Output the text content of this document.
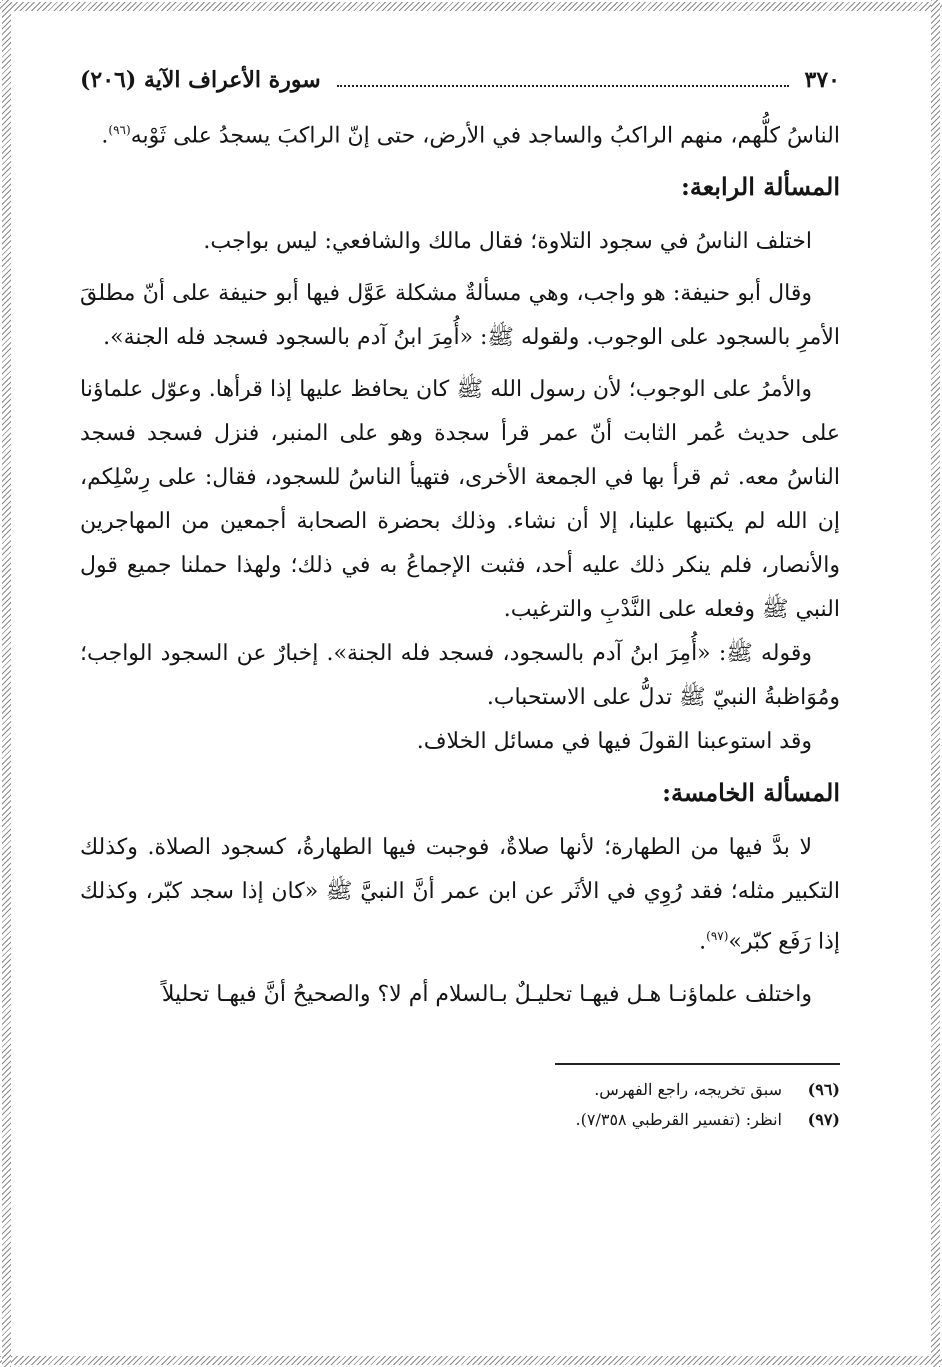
٣٧٠
سورة الأعراف الآية (٢٠٦)

الناسُ كلُّهم، منهم الراكبُ والساجد في الأرض، حتى إنّ الراكبَ يسجدُ على ثَوْبه$^{(٩٦)}$.

المسألة الرابعة:

اختلف الناسُ في سجود التلاوة؛ فقال مالك والشافعي: ليس بواجب.

وقال أبو حنيفة: هو واجب، وهي مسألةٌ مشكلة عَوَّل فيها أبو حنيفة على أنّ مطلقَ الأمرِ بالسجود على الوجوب. ولقوله ﷺ: «أُمِرَ ابنُ آدم بالسجود فسجد فله الجنة».

والأمرُ على الوجوب؛ لأن رسول الله ﷺ كان يحافظ عليها إذا قرأها. وعوّل علماؤنا على حديث عُمر الثابت أنّ عمر قرأ سجدة وهو على المنبر، فنزل فسجد فسجد الناسُ معه. ثم قرأ بها في الجمعة الأخرى، فتهيأ الناسُ للسجود، فقال: على رِسْلِكم، إن الله لم يكتبها علينا، إلا أن نشاء. وذلك بحضرة الصحابة أجمعين من المهاجرين والأنصار، فلم ينكر ذلك عليه أحد، فثبت الإجماعُ به في ذلك؛ ولهذا حملنا جميع قول النبي ﷺ وفعله على النَّدْبِ والترغيب.

وقوله ﷺ: «أُمِرَ ابنُ آدم بالسجود، فسجد فله الجنة». إخبارٌ عن السجود الواجب؛ ومُوَاظبةُ النبيّ ﷺ تدلُّ على الاستحباب.

وقد استوعبنا القولَ فيها في مسائل الخلاف.

المسألة الخامسة:

لا بدَّ فيها من الطهارة؛ لأنها صلاةٌ، فوجبت فيها الطهارةُ، كسجود الصلاة. وكذلك التكبير مثله؛ فقد رُوِي في الأثَر عن ابن عمر أنَّ النبيَّ ﷺ «كان إذا سجد كبّر، وكذلك إذا رَفَع كبّر»$^{(٩٧)}$.

واختلف علماؤنـا هـل فيهـا تحليـلٌ بـالسلام أم لا؟ والصحيحُ أنَّ فيهـا تحليلاً

(٩٦)
سبق تخريجه، راجع الفهرس.
(٩٧)
انظر: (تفسير القرطبي ٧/٣٥٨).
